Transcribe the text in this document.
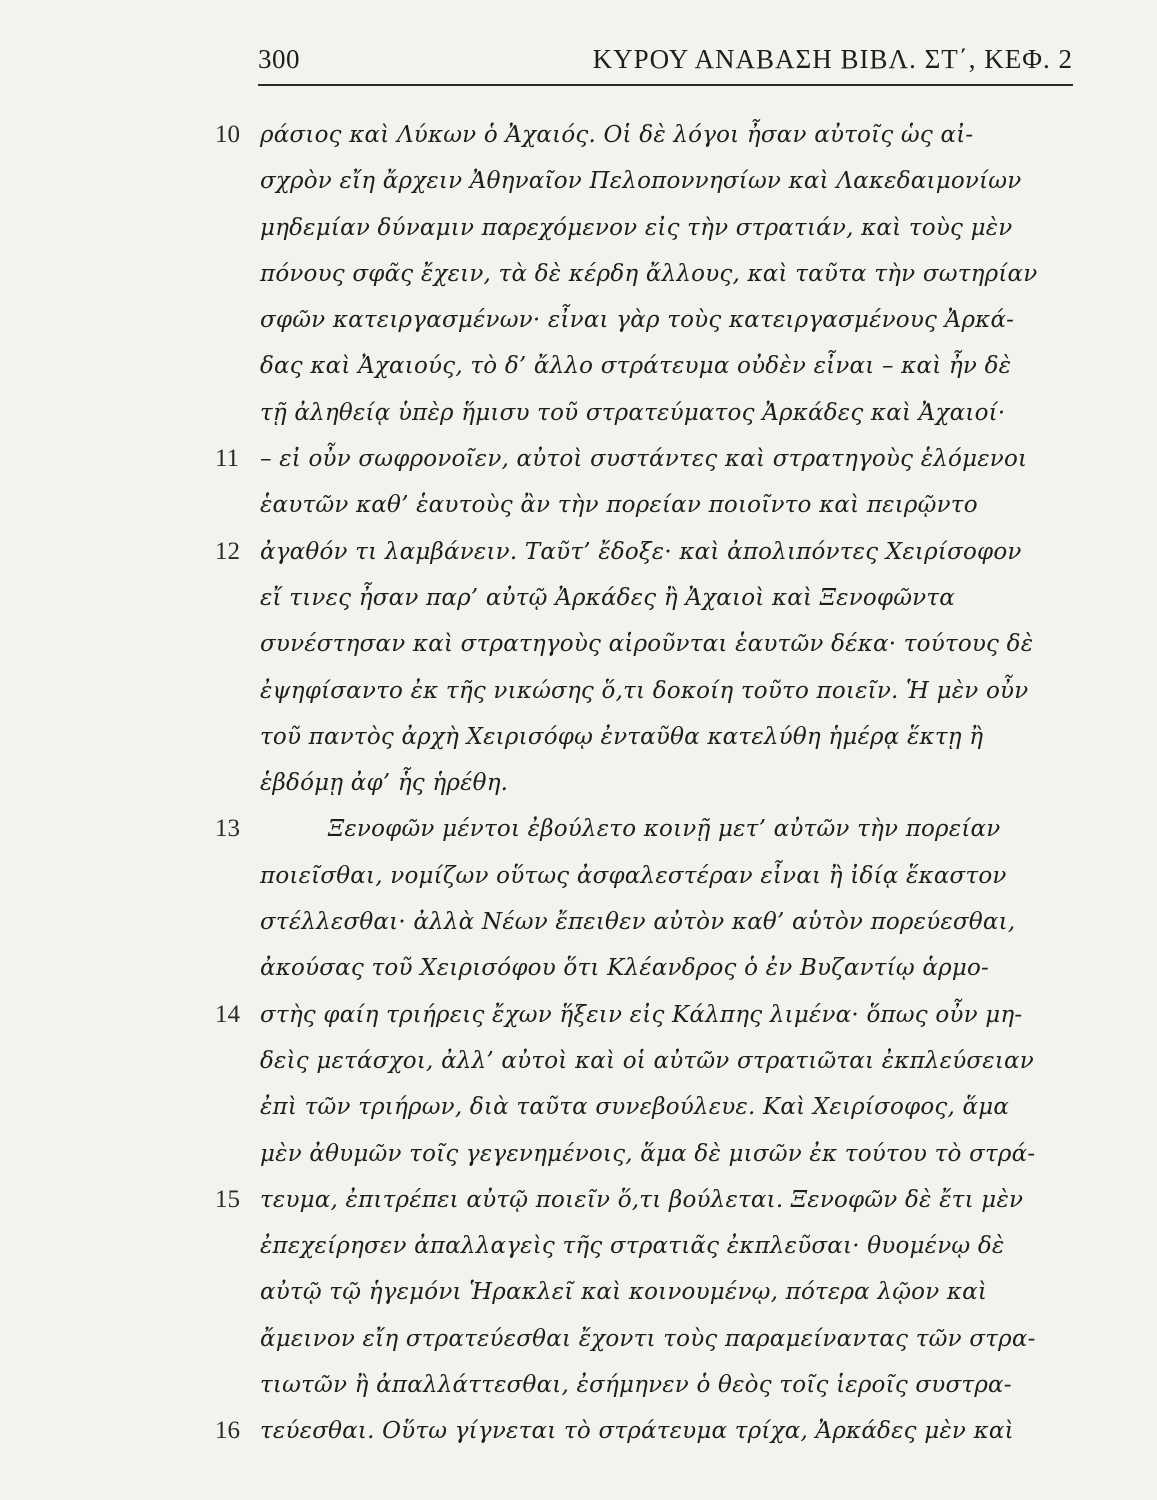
300	ΚΥΡΟΥ ΑΝΑΒΑΣΗ ΒΙΒΛ. ΣΤ΄, ΚΕΦ. 2
10 ράσιος καὶ Λύκων ὁ Ἀχαιός. Οἱ δὲ λόγοι ἦσαν αὐτοῖς ὡς αἰ-
σχρὸν εἴη ἄρχειν Ἀθηναῖον Πελοποννησίων καὶ Λακεδαιμονίων
μηδεμίαν δύναμιν παρεχόμενον εἰς τὴν στρατιάν, καὶ τοὺς μὲν
πόνους σφᾶς ἔχειν, τὰ δὲ κέρδη ἄλλους, καὶ ταῦτα τὴν σωτηρίαν
σφῶν κατειργασμένων· εἶναι γὰρ τοὺς κατειργασμένους Ἀρκά-
δας καὶ Ἀχαιούς, τὸ δ’ ἄλλο στράτευμα οὐδὲν εἶναι – καὶ ἦν δὲ
τῇ ἀληθείᾳ ὑπὲρ ἥμισυ τοῦ στρατεύματος Ἀρκάδες καὶ Ἀχαιοί·
11 – εἰ οὖν σωφρονοῖεν, αὐτοὶ συστάντες καὶ στρατηγοὺς ἑλόμενοι
ἑαυτῶν καθ’ ἑαυτοὺς ἂν τὴν πορείαν ποιοῖντο καὶ πειρῷντο
12 ἀγαθόν τι λαμβάνειν. Ταῦτ’ ἔδοξε· καὶ ἀπολιπόντες Χειρίσοφον
εἴ τινες ἦσαν παρ’ αὐτῷ Ἀρκάδες ἢ Ἀχαιοὶ καὶ Ξενοφῶντα
συνέστησαν καὶ στρατηγοὺς αἱροῦνται ἑαυτῶν δέκα· τούτους δὲ
ἐψηφίσαντο ἐκ τῆς νικώσης ὅ,τι δοκοίη τοῦτο ποιεῖν. Ἡ μὲν οὖν
τοῦ παντὸς ἀρχὴ Χειρισόφῳ ἐνταῦθα κατελύθη ἡμέρᾳ ἕκτῃ ἢ
ἑβδόμῃ ἀφ’ ἧς ἡρέθη.
13	Ξενοφῶν μέντοι ἐβούλετο κοινῇ μετ’ αὐτῶν τὴν πορείαν
ποιεῖσθαι, νομίζων οὕτως ἀσφαλεστέραν εἶναι ἢ ἰδίᾳ ἕκαστον
στέλλεσθαι· ἀλλὰ Νέων ἔπειθεν αὐτὸν καθ’ αὑτὸν πορεύεσθαι,
ἀκούσας τοῦ Χειρισόφου ὅτι Κλέανδρος ὁ ἐν Βυζαντίῳ ἁρμο-
14 στὴς φαίη τριήρεις ἔχων ἥξειν εἰς Κάλπης λιμένα· ὅπως οὖν μη-
δεὶς μετάσχοι, ἀλλ’ αὐτοὶ καὶ οἱ αὐτῶν στρατιῶται ἐκπλεύσειαν
ἐπὶ τῶν τριήρων, διὰ ταῦτα συνεβούλευε. Καὶ Χειρίσοφος, ἅμα
μὲν ἀθυμῶν τοῖς γεγενημένοις, ἅμα δὲ μισῶν ἐκ τούτου τὸ στρά-
15 τευμα, ἐπιτρέπει αὐτῷ ποιεῖν ὅ,τι βούλεται. Ξενοφῶν δὲ ἔτι μὲν
ἐπεχείρησεν ἀπαλλαγεὶς τῆς στρατιᾶς ἐκπλεῦσαι· θυομένῳ δὲ
αὐτῷ τῷ ἡγεμόνι Ἡρακλεῖ καὶ κοινουμένῳ, πότερα λῷον καὶ
ἄμεινον εἴη στρατεύεσθαι ἔχοντι τοὺς παραμείναντας τῶν στρα-
τιωτῶν ἢ ἀπαλλάττεσθαι, ἐσήμηνεν ὁ θεὸς τοῖς ἱεροῖς συστρα-
16 τεύεσθαι. Οὕτω γίγνεται τὸ στράτευμα τρίχα, Ἀρκάδες μὲν καὶ
